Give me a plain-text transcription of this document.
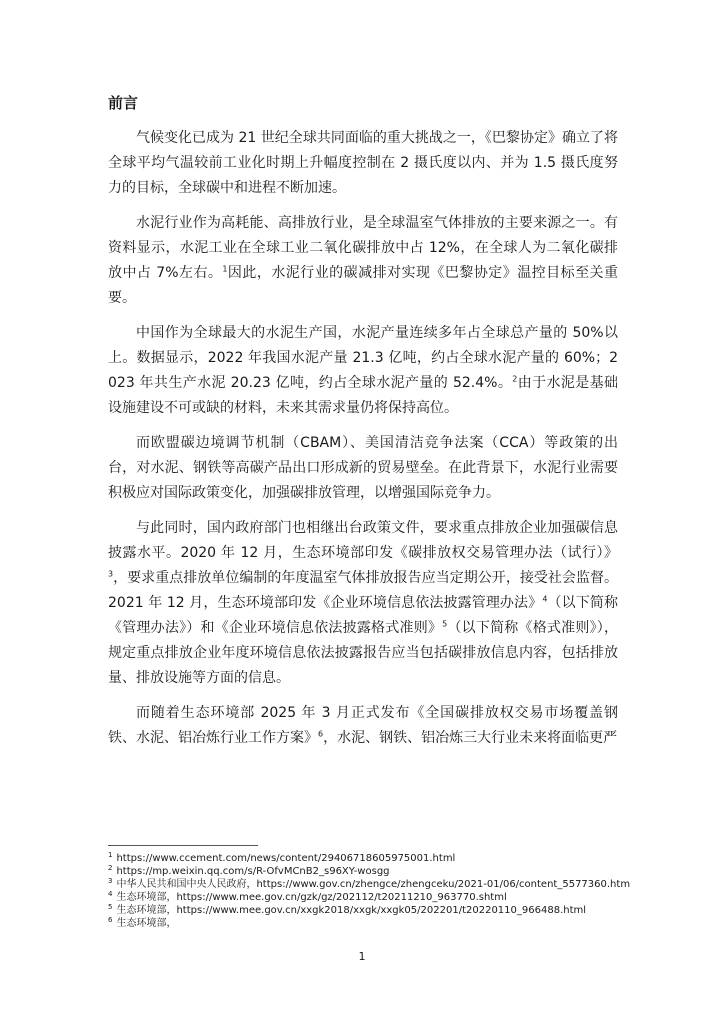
前言

气候变化已成为 21 世纪全球共同面临的重大挑战之一，《巴黎协定》确立了将全球平均气温较前工业化时期上升幅度控制在 2 摄氏度以内、并为 1.5 摄氏度努力的目标，全球碳中和进程不断加速。

水泥行业作为高耗能、高排放行业，是全球温室气体排放的主要来源之一。有资料显示，水泥工业在全球工业二氧化碳排放中占 12%，在全球人为二氧化碳排放中占 7%左右。$^1$因此，水泥行业的碳减排对实现《巴黎协定》温控目标至关重要。

中国作为全球最大的水泥生产国，水泥产量连续多年占全球总产量的 50%以上。数据显示，2022 年我国水泥产量 21.3 亿吨，约占全球水泥产量的 60%；2023 年共生产水泥 20.23 亿吨，约占全球水泥产量的 52.4%。$^2$由于水泥是基础设施建设不可或缺的材料，未来其需求量仍将保持高位。

而欧盟碳边境调节机制（CBAM）、美国清洁竞争法案（CCA）等政策的出台，对水泥、钢铁等高碳产品出口形成新的贸易壁垒。在此背景下，水泥行业需要积极应对国际政策变化，加强碳排放管理，以增强国际竞争力。

与此同时，国内政府部门也相继出台政策文件，要求重点排放企业加强碳信息披露水平。2020 年 12 月，生态环境部印发《碳排放权交易管理办法（试行）》$^3$，要求重点排放单位编制的年度温室气体排放报告应当定期公开，接受社会监督。2021 年 12 月，生态环境部印发《企业环境信息依法披露管理办法》$^4$（以下简称《管理办法》）和《企业环境信息依法披露格式准则》$^5$（以下简称《格式准则》），规定重点排放企业年度环境信息依法披露报告应当包括碳排放信息内容，包括排放量、排放设施等方面的信息。

而随着生态环境部 2025 年 3 月正式发布《全国碳排放权交易市场覆盖钢铁、水泥、铝冶炼行业工作方案》$^6$，水泥、钢铁、铝冶炼三大行业未来将面临更严

$^1$ https://www.ccement.com/news/content/29406718605975001.html

$^2$ https://mp.weixin.qq.com/s/R-OfvMCnB2_s96XY-wosgg

$^3$ 中华人民共和国中央人民政府，https://www.gov.cn/zhengce/zhengceku/2021-01/06/content_5577360.htm

$^4$ 生态环境部，https://www.mee.gov.cn/gzk/gz/202112/t20211210_963770.shtml

$^5$ 生态环境部，https://www.mee.gov.cn/xxgk2018/xxgk/xxgk05/202201/t20220110_966488.html

$^6$ 生态环境部，

1
